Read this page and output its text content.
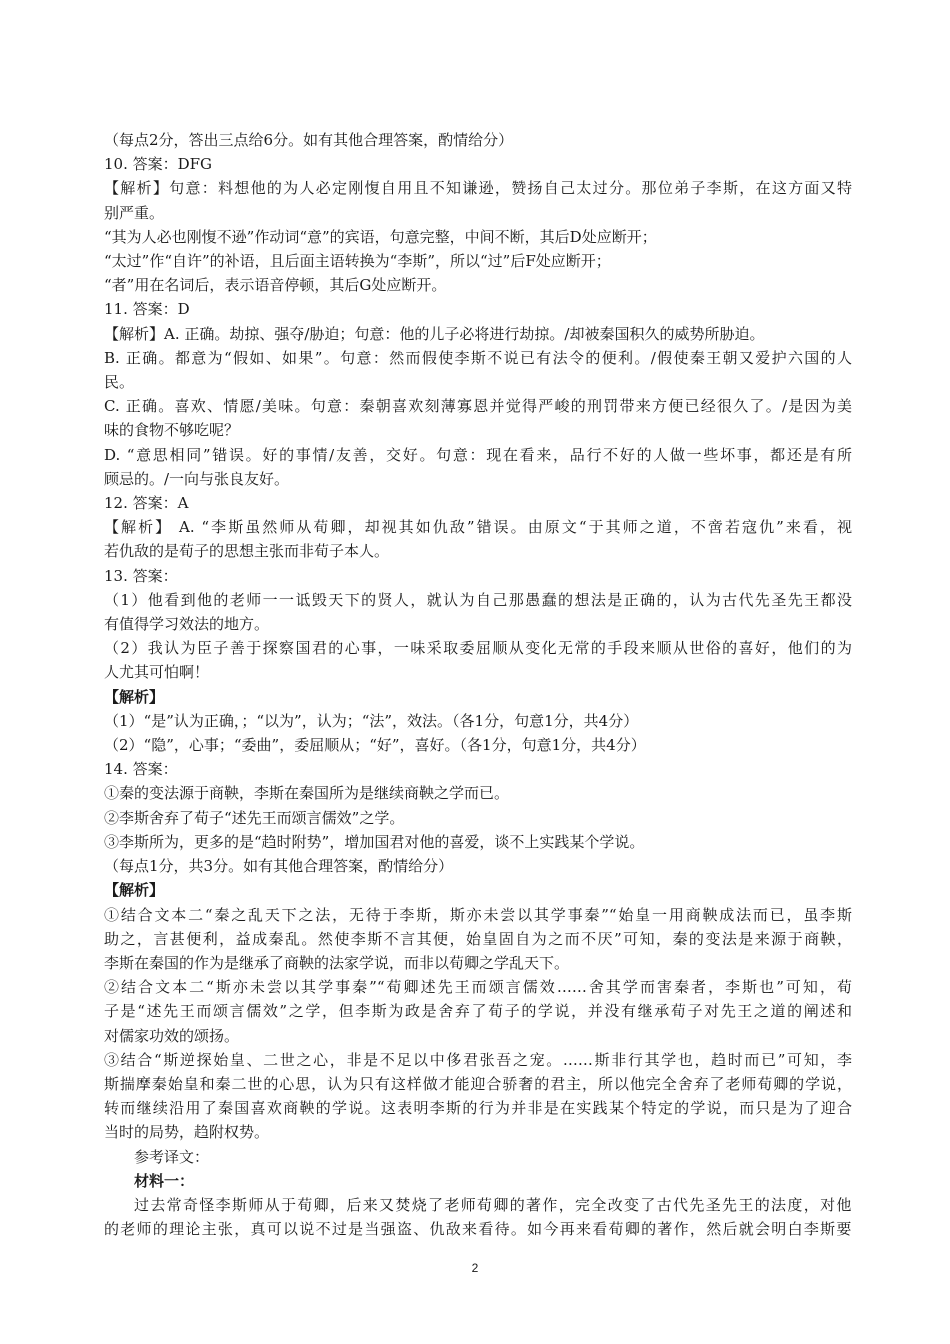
（每点2分，答出三点给6分。如有其他合理答案，酌情给分）
10. 答案：DFG
【解析】句意：料想他的为人必定刚愎自用且不知谦逊，赞扬自己太过分。那位弟子李斯，在这方面又特
别严重。
“其为人必也刚愎不逊”作动词“意”的宾语，句意完整，中间不断，其后D处应断开；
“太过”作“自许”的补语，且后面主语转换为“李斯”，所以“过”后F处应断开；
“者”用在名词后，表示语音停顿，其后G处应断开。
11. 答案：D
【解析】A. 正确。劫掠、强夺/胁迫；句意：他的儿子必将进行劫掠。/却被秦国积久的威势所胁迫。
B. 正确。都意为“假如、如果”。句意：然而假使李斯不说已有法令的便利。/假使秦王朝又爱护六国的人
民。
C. 正确。喜欢、情愿/美味。句意：秦朝喜欢刻薄寡恩并觉得严峻的刑罚带来方便已经很久了。/是因为美
味的食物不够吃呢？
D. “意思相同”错误。好的事情/友善，交好。句意：现在看来，品行不好的人做一些坏事，都还是有所
顾忌的。/一向与张良友好。
12. 答案：A
【解析】 A. “李斯虽然师从荀卿，却视其如仇敌”错误。由原文“于其师之道，不啻若寇仇”来看，视
若仇敌的是荀子的思想主张而非荀子本人。
13. 答案：
（1）他看到他的老师一一诋毁天下的贤人，就认为自己那愚蠢的想法是正确的，认为古代先圣先王都没
有值得学习效法的地方。
（2）我认为臣子善于探察国君的心事，一味采取委屈顺从变化无常的手段来顺从世俗的喜好，他们的为
人尤其可怕啊！
【解析】
（1）“是”认为正确，；“以为”，认为；“法”，效法。（各1分，句意1分，共4分）
（2）“隐”，心事；“委曲”，委屈顺从；“好”，喜好。（各1分，句意1分，共4分）
14. 答案：
①秦的变法源于商鞅，李斯在秦国所为是继续商鞅之学而已。
②李斯舍弃了荀子“述先王而颂言儒效”之学。
③李斯所为，更多的是“趋时附势”，增加国君对他的喜爱，谈不上实践某个学说。
（每点1分，共3分。如有其他合理答案，酌情给分）
【解析】
①结合文本二“秦之乱天下之法，无待于李斯，斯亦未尝以其学事秦”“始皇一用商鞅成法而已，虽李斯
助之，言甚便利，益成秦乱。然使李斯不言其便，始皇固自为之而不厌”可知，秦的变法是来源于商鞅，
李斯在秦国的作为是继承了商鞅的法家学说，而非以荀卿之学乱天下。
②结合文本二“斯亦未尝以其学事秦”“荀卿述先王而颂言儒效……舍其学而害秦者，李斯也”可知，荀
子是“述先王而颂言儒效”之学，但李斯为政是舍弃了荀子的学说，并没有继承荀子对先王之道的阐述和
对儒家功效的颂扬。
③结合“斯逆探始皇、二世之心，非是不足以中侈君张吾之宠。……斯非行其学也，趋时而已”可知，李
斯揣摩秦始皇和秦二世的心思，认为只有这样做才能迎合骄奢的君主，所以他完全舍弃了老师荀卿的学说，
转而继续沿用了秦国喜欢商鞅的学说。这表明李斯的行为并非是在实践某个特定的学说，而只是为了迎合
当时的局势，趋附权势。
参考译文：
材料一：
过去常奇怪李斯师从于荀卿，后来又焚烧了老师荀卿的著作，完全改变了古代先圣先王的法度，对他
的老师的理论主张，真可以说不过是当强盗、仇敌来看待。如今再来看荀卿的著作，然后就会明白李斯要
2
